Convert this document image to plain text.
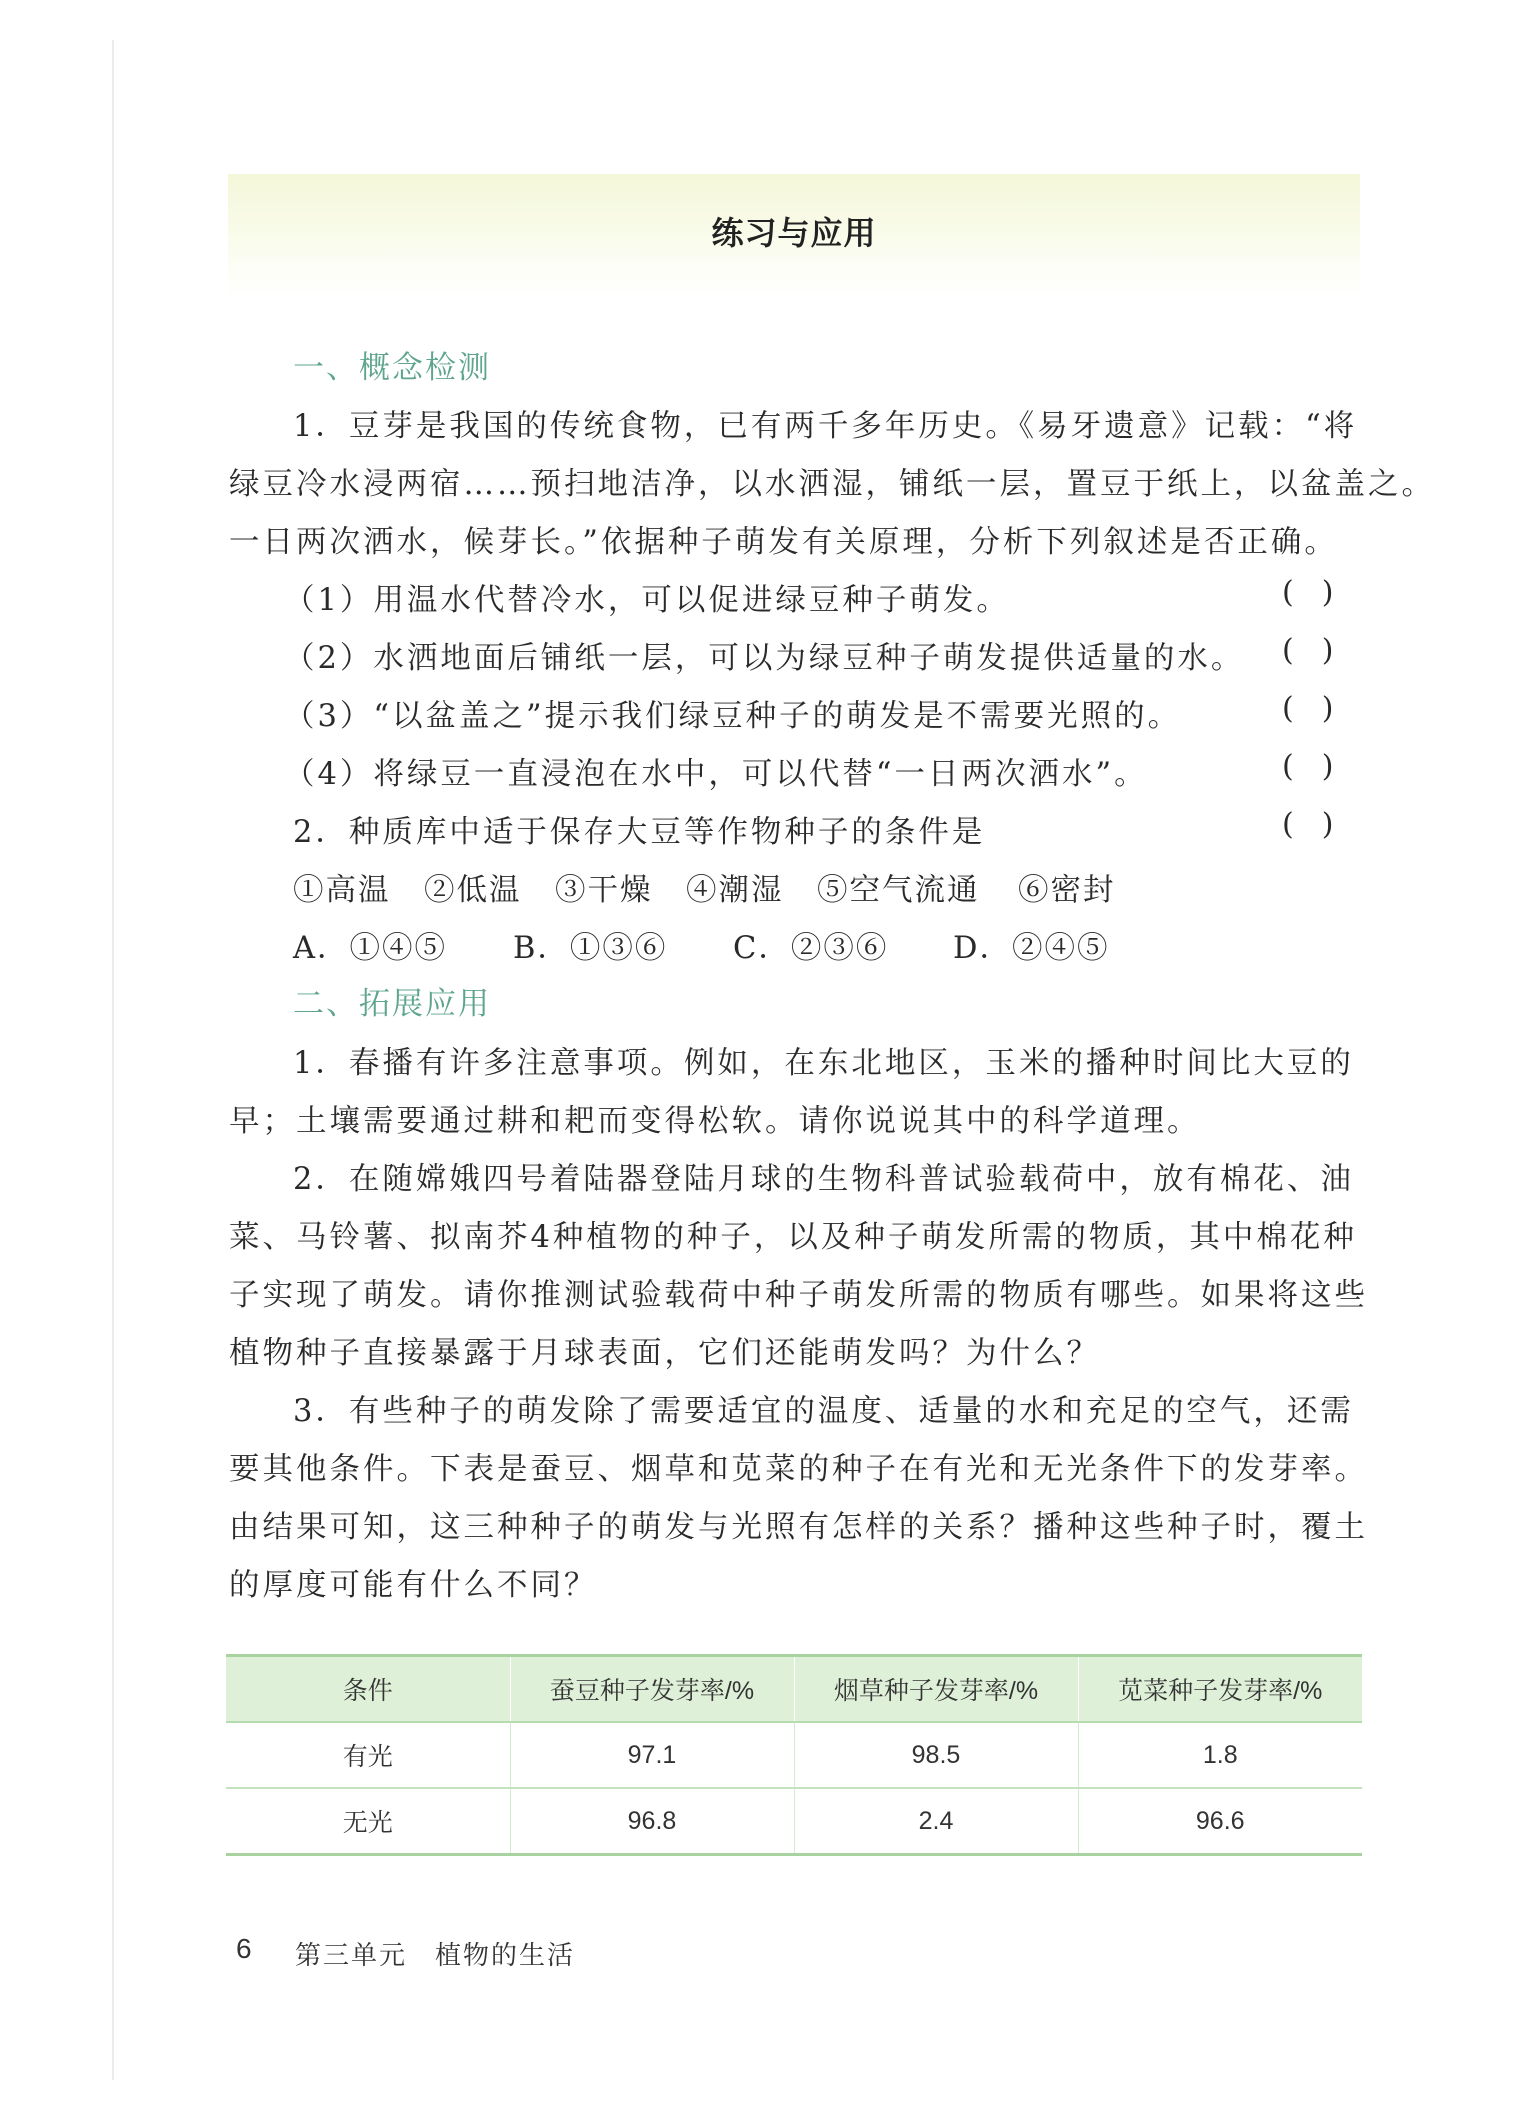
练习与应用
一、概念检测
1．豆芽是我国的传统食物，已有两千多年历史。《易牙遗意》记载：“将
绿豆冷水浸两宿……预扫地洁净，以水洒湿，铺纸一层，置豆于纸上，以盆盖之。
一日两次洒水，候芽长。”依据种子萌发有关原理，分析下列叙述是否正确。
（1）用温水代替冷水，可以促进绿豆种子萌发。	()
（2）水洒地面后铺纸一层，可以为绿豆种子萌发提供适量的水。 ()
（3）“以盆盖之”提示我们绿豆种子的萌发是不需要光照的。	()
（4）将绿豆一直浸泡在水中，可以代替“一日两次洒水”。	()
2．种质库中适于保存大豆等作物种子的条件是	()
①高温 ②低温 ③干燥 ④潮湿 ⑤空气流通 ⑥密封
A．①④⑤ B．①③⑥ C．②③⑥ D．②④⑤
二、拓展应用
1．春播有许多注意事项。例如，在东北地区，玉米的播种时间比大豆的
早；土壤需要通过耕和耙而变得松软。请你说说其中的科学道理。
2．在随嫦娥四号着陆器登陆月球的生物科普试验载荷中，放有棉花、油
菜、马铃薯、拟南芥4种植物的种子，以及种子萌发所需的物质，其中棉花种
子实现了萌发。请你推测试验载荷中种子萌发所需的物质有哪些。如果将这些
植物种子直接暴露于月球表面，它们还能萌发吗？为什么？
3．有些种子的萌发除了需要适宜的温度、适量的水和充足的空气，还需
要其他条件。下表是蚕豆、烟草和苋菜的种子在有光和无光条件下的发芽率。
由结果可知，这三种种子的萌发与光照有怎样的关系？播种这些种子时，覆土
的厚度可能有什么不同？
条件	蚕豆种子发芽率/%	烟草种子发芽率/%	苋菜种子发芽率/%
有光	97.1	98.5	1.8
无光	96.8	2.4	96.6
6 第三单元　植物的生活
